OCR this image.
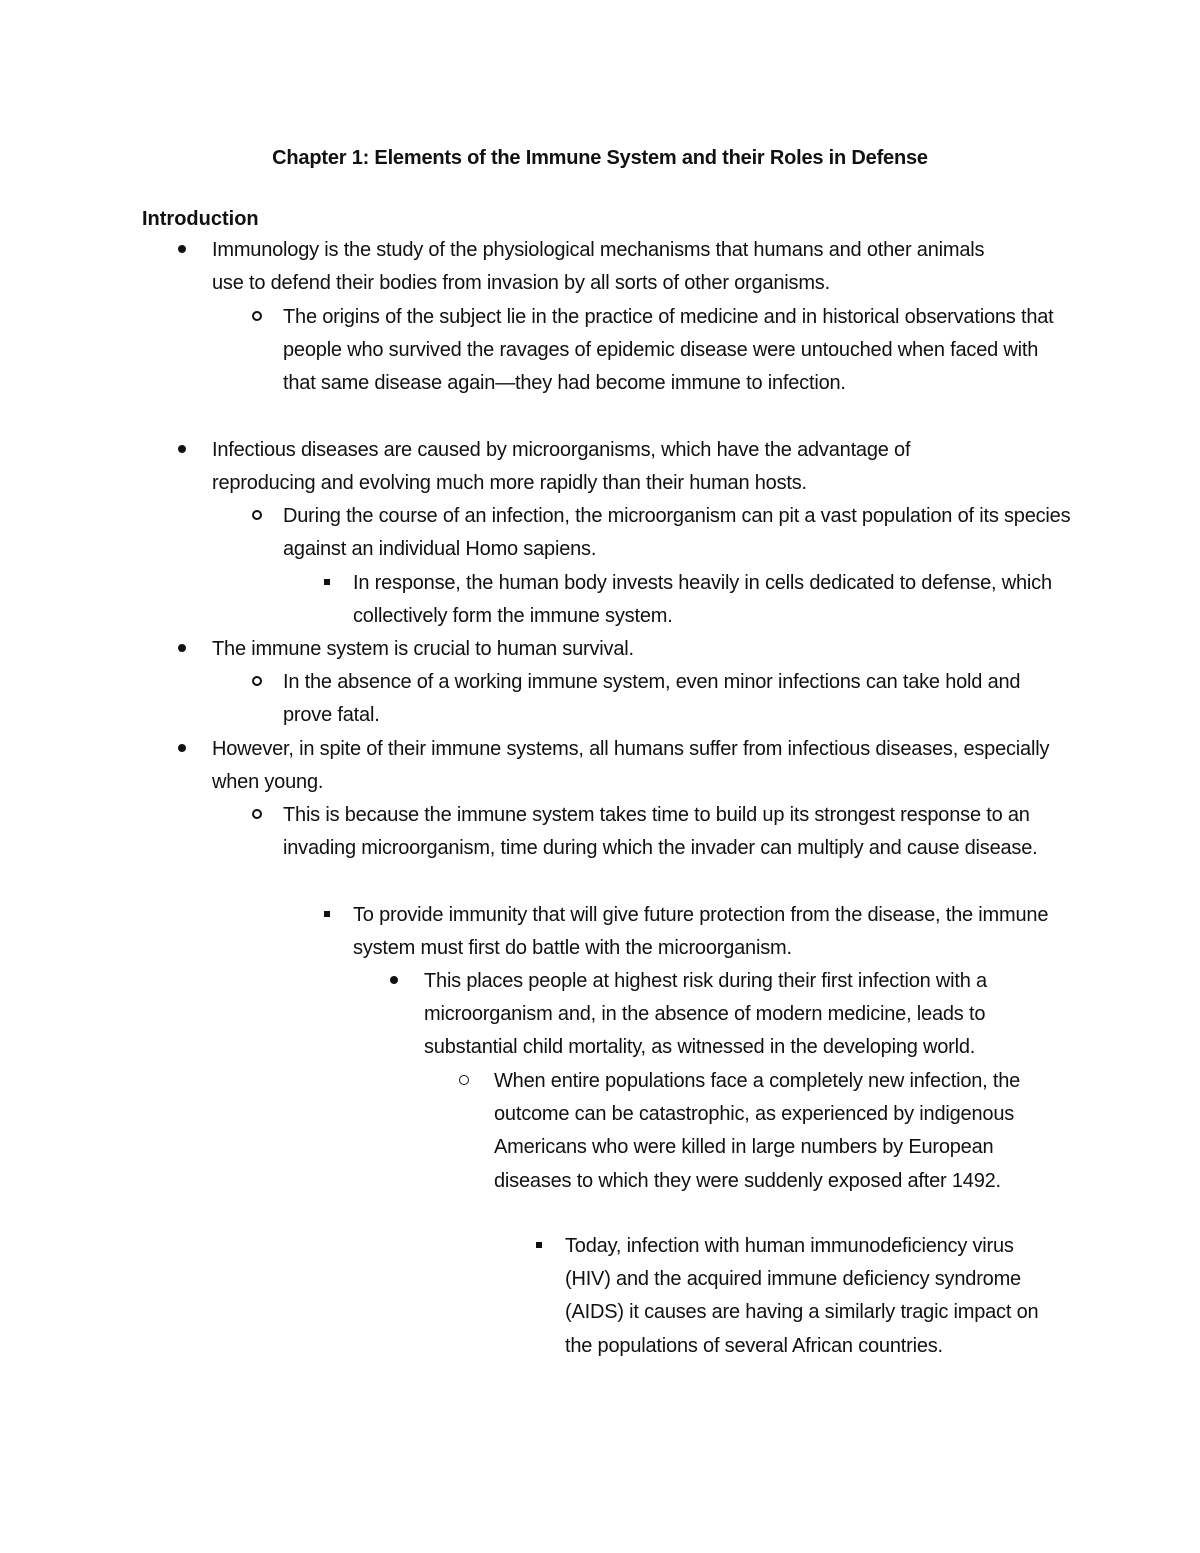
Chapter 1: Elements of the Immune System and their Roles in Defense
Introduction
Immunology is the study of the physiological mechanisms that humans and other animals use to defend their bodies from invasion by all sorts of other organisms.
The origins of the subject lie in the practice of medicine and in historical observations that people who survived the ravages of epidemic disease were untouched when faced with that same disease again—they had become immune to infection.
Infectious diseases are caused by microorganisms, which have the advantage of reproducing and evolving much more rapidly than their human hosts.
During the course of an infection, the microorganism can pit a vast population of its species against an individual Homo sapiens.
In response, the human body invests heavily in cells dedicated to defense, which collectively form the immune system.
The immune system is crucial to human survival.
In the absence of a working immune system, even minor infections can take hold and prove fatal.
However, in spite of their immune systems, all humans suffer from infectious diseases, especially when young.
This is because the immune system takes time to build up its strongest response to an invading microorganism, time during which the invader can multiply and cause disease.
To provide immunity that will give future protection from the disease, the immune system must first do battle with the microorganism.
This places people at highest risk during their first infection with a microorganism and, in the absence of modern medicine, leads to substantial child mortality, as witnessed in the developing world.
When entire populations face a completely new infection, the outcome can be catastrophic, as experienced by indigenous Americans who were killed in large numbers by European diseases to which they were suddenly exposed after 1492.
Today, infection with human immunodeficiency virus (HIV) and the acquired immune deficiency syndrome (AIDS) it causes are having a similarly tragic impact on the populations of several African countries.
